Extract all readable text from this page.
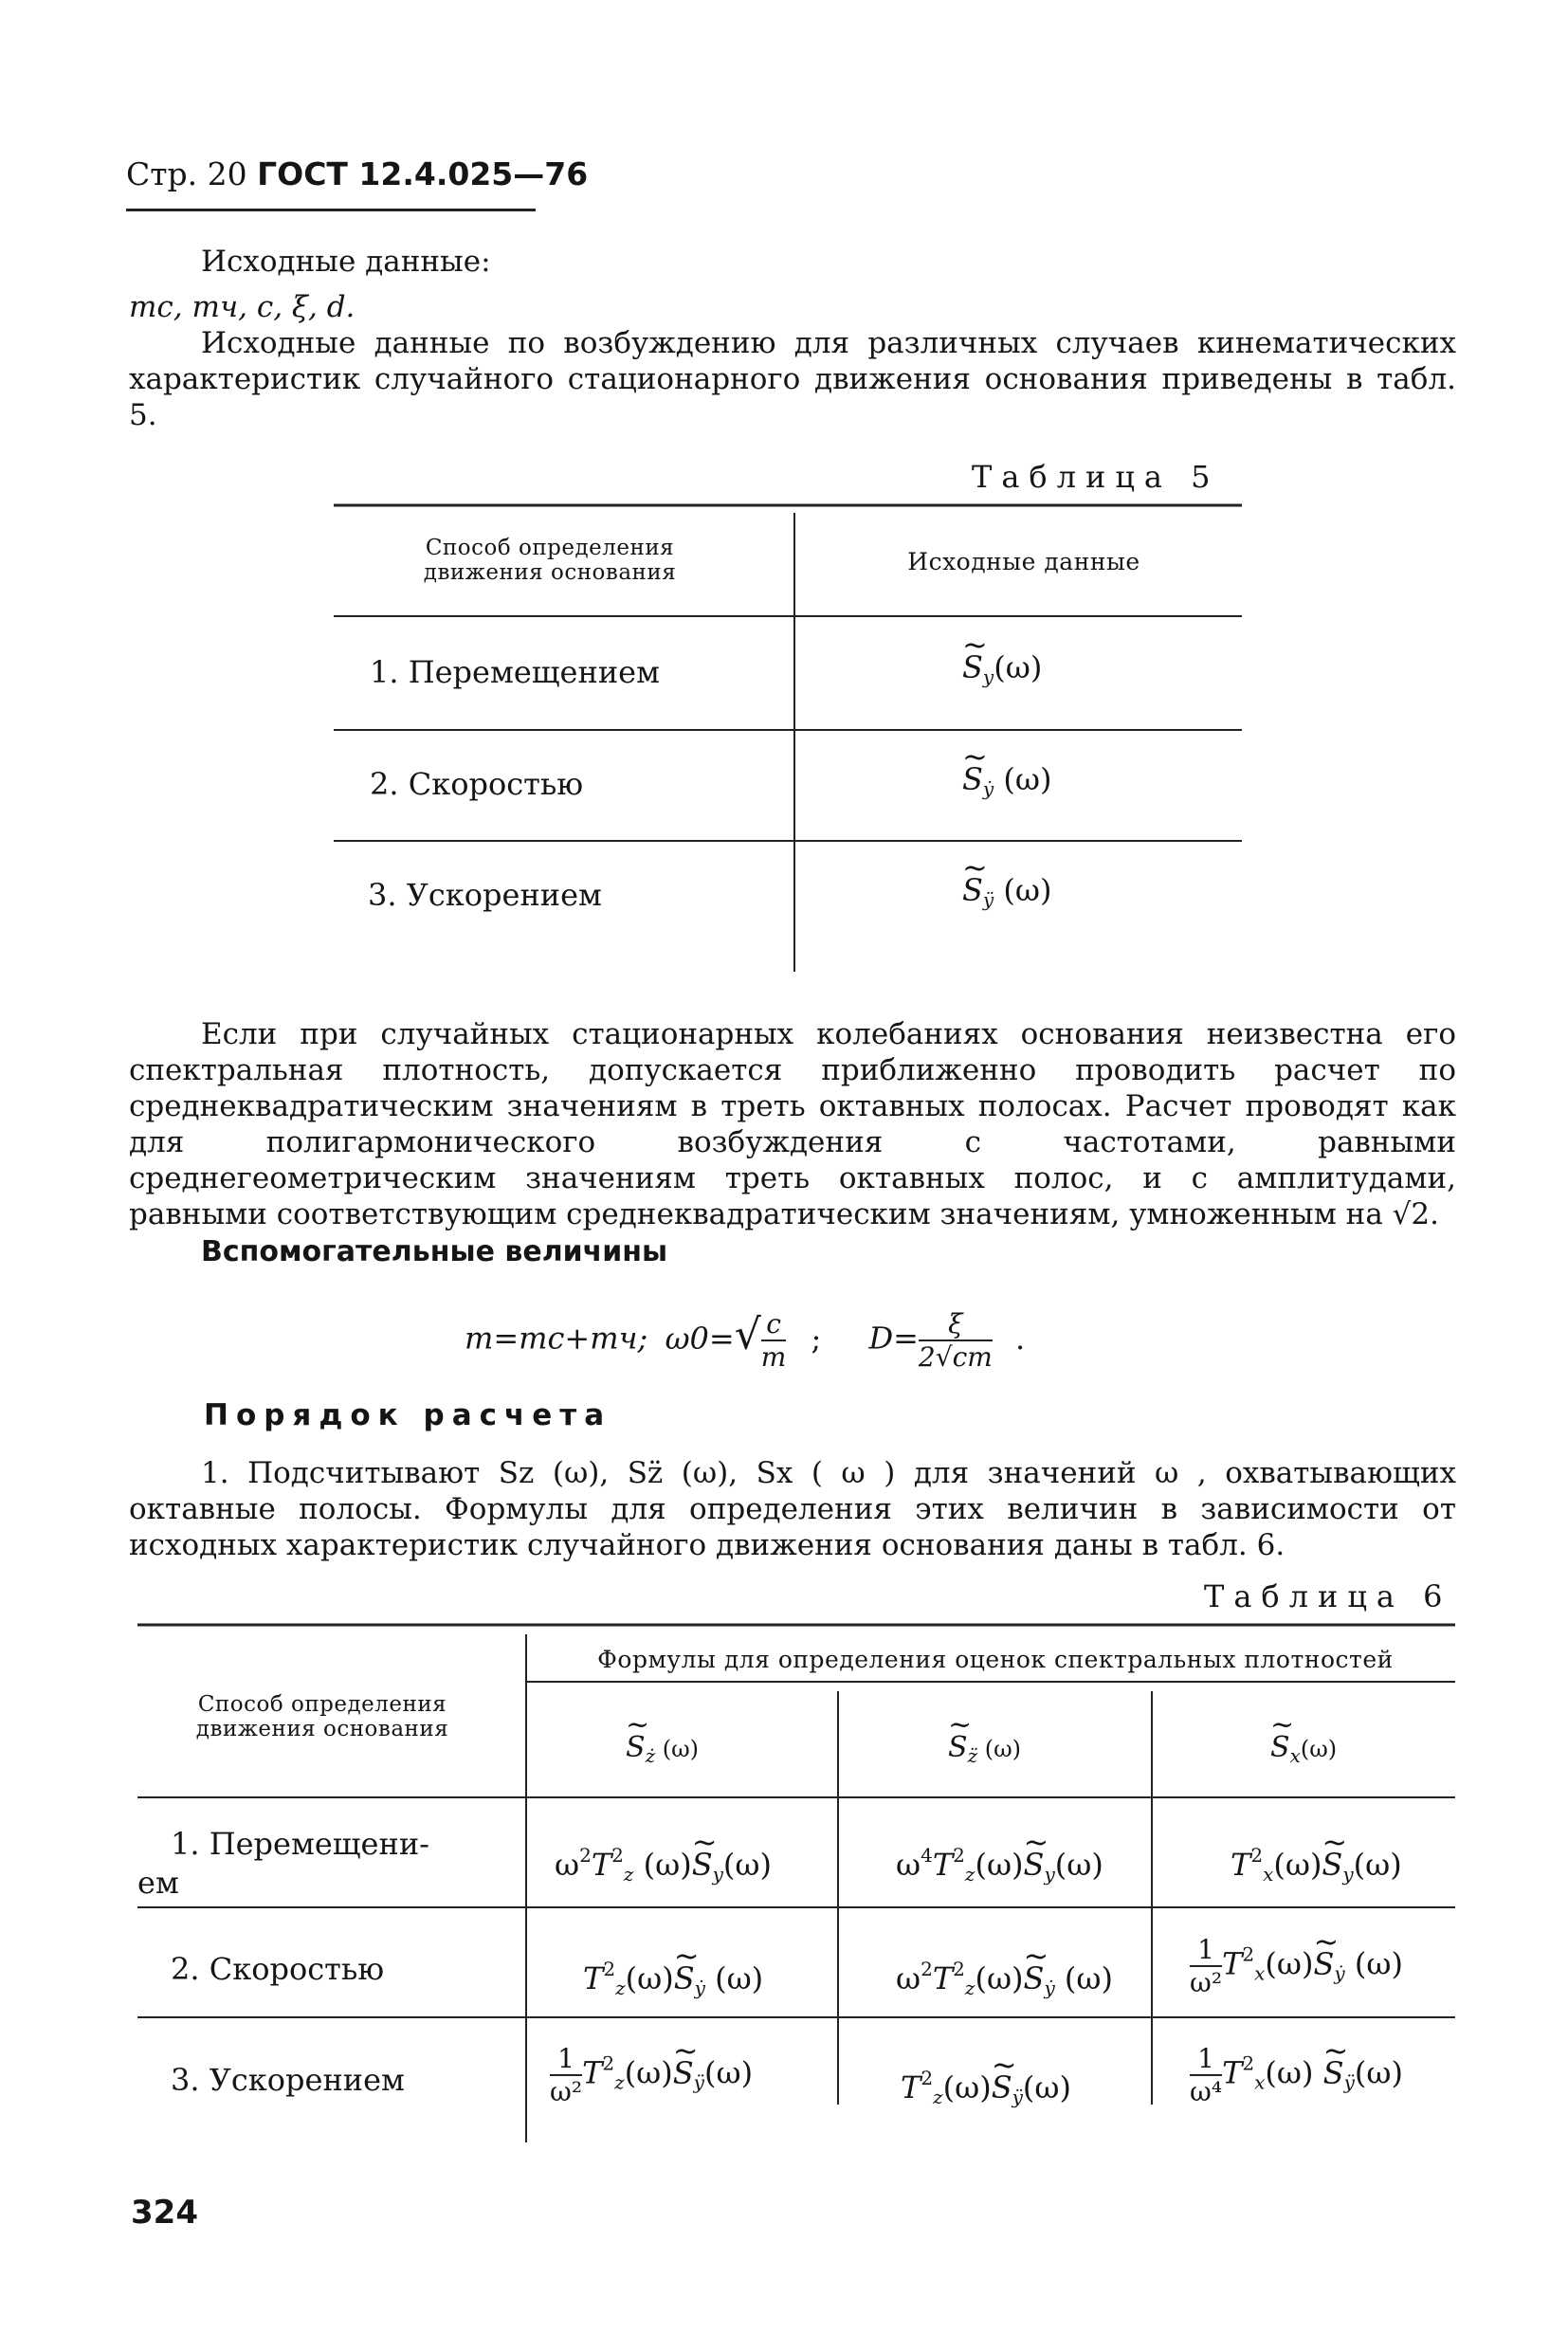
Стр. 20 ГОСТ 12.4.025—76
Исходные данные:
mс, mч, c, ξ, d.
Исходные данные по возбуждению для различных случаев кинематических характеристик случайного стационарного движения основания приведены в табл. 5.
Таблица 5
Способ определения движения основания	Исходные данные
1. Перемещением	~ $S_y(\omega)$
2. Скоростью	~ $S_ẏ$ (ω)
3. Ускорением	~ $S_ÿ$ (ω)
Если при случайных стационарных колебаниях основания неизвестна его спектральная плотность, допускается приближенно проводить расчет по среднеквадратическим значениям в треть октавных полосах. Расчет проводят как для полигармонического возбуждения с частотами, равными среднегеометрическим значениям треть октавных полос, и с амплитудами, равными соответствующим среднеквадратическим значениям, умноженным на √2.
Вспомогательные величины
m=mс+mч; $\omega 0=√ \frac{c}{m}$ ; $D= \frac{\xi}{2√cm}$ .
Порядок расчета
1. Подсчитывают Sz (ω), Sz̈ (ω), Sx ( ω ) для значений ω , охватывающих октавные полосы. Формулы для определения этих величин в зависимости от исходных характеристик случайного движения основания даны в табл. 6.
Таблица 6
Способ определения движения основания
Формулы для определения оценок спектральных плотностей
~ $S_ż$ (ω)	~ $S_{z̈}$ (ω)	~ $S_x(\omega)$
1. Перемещени-
ем	$\omega^2T^2_z$ (ω)~ $S_y(\omega)$	$\omega^4T^2_z(\omega)\sim$ $S_y(\omega)$	$T^2_x(\omega)\sim$ $S_y(\omega)$
2. Скоростью	$T^2_z(\omega)\sim$ $S_ẏ$ (ω)	$\omega^2T^2_z(\omega)\sim$ $S_ẏ$ (ω)	$\frac{1}{\text{ω²}}$ $T^2_x(\omega)\sim$ $S_ẏ$ (ω)
3. Ускорением	$\frac{1}{\text{ω²}}$ $T^2_z(\omega)\sim$ $S_ÿ(\omega)$	$T^2_z(\omega)\sim$ $S_ÿ(\omega)$	$\frac{1}{\text{ω⁴}} T^2_x(\omega)$ ~ $S_ÿ(\omega)$
324
